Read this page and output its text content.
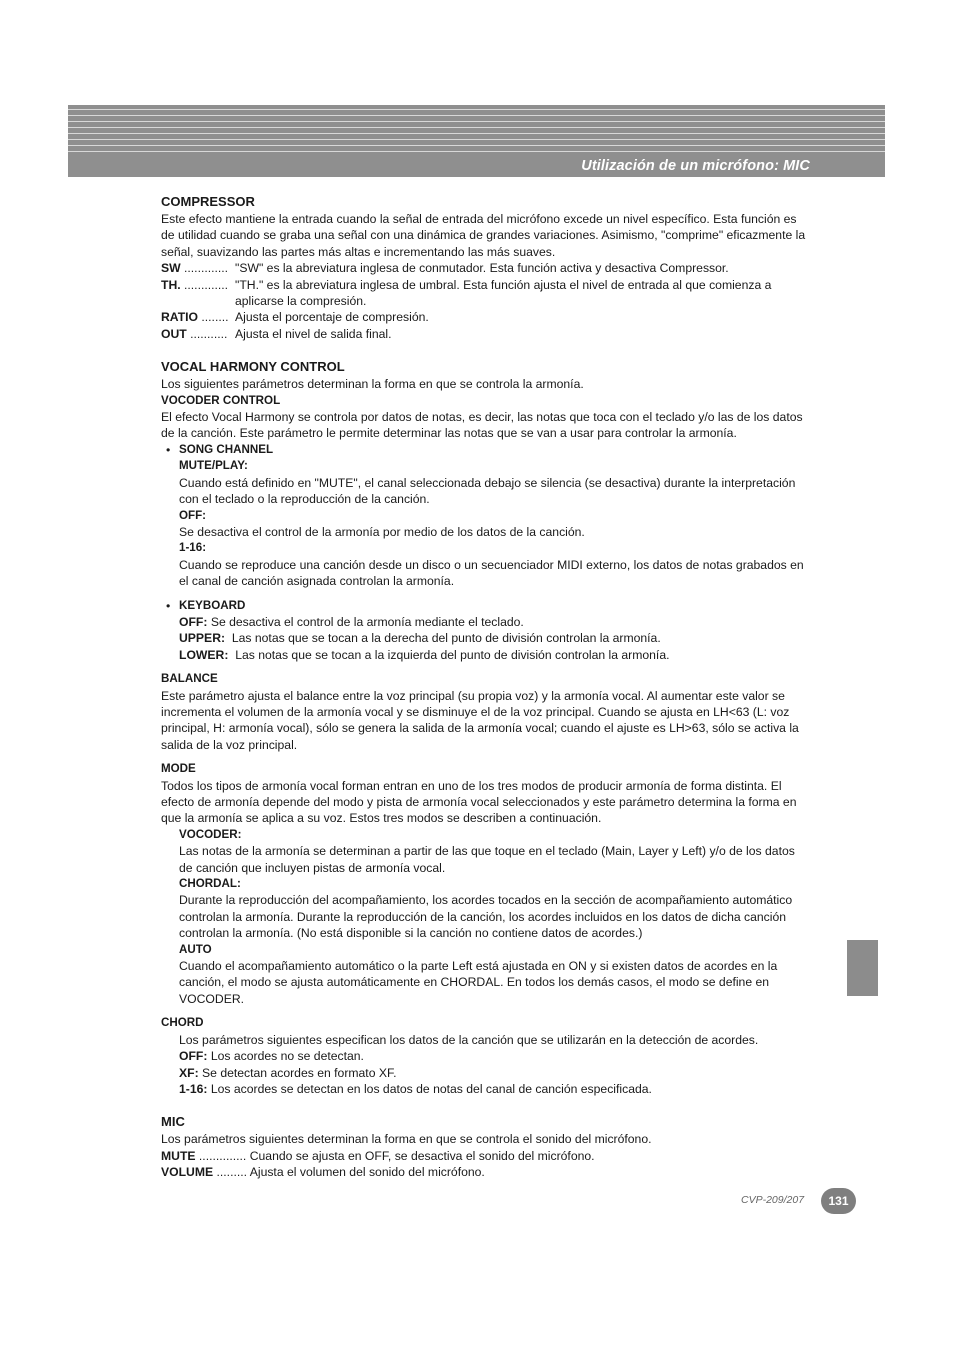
Utilización de un micrófono: MIC

COMPRESSOR

Este efecto mantiene la entrada cuando la señal de entrada del micrófono excede un nivel específico. Esta función es de utilidad cuando se graba una señal con una dinámica de grandes variaciones. Asimismo, "comprime" eficazmente la señal, suavizando las partes más altas e incrementando las más suaves.

SW ............. "SW" es la abreviatura inglesa de conmutador. Esta función activa y desactiva Compressor.
TH. ............. "TH." es la abreviatura inglesa de umbral. Esta función ajusta el nivel de entrada al que comienza a aplicarse la compresión.
RATIO ........ Ajusta el porcentaje de compresión.
OUT ........... Ajusta el nivel de salida final.

VOCAL HARMONY CONTROL

Los siguientes parámetros determinan la forma en que se controla la armonía.

VOCODER CONTROL

El efecto Vocal Harmony se controla por datos de notas, es decir, las notas que toca con el teclado y/o las de los datos de la canción. Este parámetro le permite determinar las notas que se van a usar para controlar la armonía.

• SONG CHANNEL

MUTE/PLAY:

Cuando está definido en "MUTE", el canal seleccionada debajo se silencia (se desactiva) durante la interpretación con el teclado o la reproducción de la canción.

OFF:

Se desactiva el control de la armonía por medio de los datos de la canción.

1-16:

Cuando se reproduce una canción desde un disco o un secuenciador MIDI externo, los datos de notas grabados en el canal de canción asignada controlan la armonía.

• KEYBOARD

OFF: Se desactiva el control de la armonía mediante el teclado.

UPPER:  Las notas que se tocan a la derecha del punto de división controlan la armonía.

LOWER:  Las notas que se tocan a la izquierda del punto de división controlan la armonía.

BALANCE

Este parámetro ajusta el balance entre la voz principal (su propia voz) y la armonía vocal. Al aumentar este valor se incrementa el volumen de la armonía vocal y se disminuye el de la voz principal. Cuando se ajusta en LH<63 (L: voz principal, H: armonía vocal), sólo se genera la salida de la armonía vocal; cuando el ajuste es LH>63, sólo se activa la salida de la voz principal.

MODE

Todos los tipos de armonía vocal forman entran en uno de los tres modos de producir armonía de forma distinta. El efecto de armonía depende del modo y pista de armonía vocal seleccionados y este parámetro determina la forma en que la armonía se aplica a su voz. Estos tres modos se describen a continuación.

VOCODER:

Las notas de la armonía se determinan a partir de las que toque en el teclado (Main, Layer y Left) y/o de los datos de canción que incluyen pistas de armonía vocal.

CHORDAL:

Durante la reproducción del acompañamiento, los acordes tocados en la sección de acompañamiento automático controlan la armonía. Durante la reproducción de la canción, los acordes incluidos en los datos de dicha canción controlan la armonía. (No está disponible si la canción no contiene datos de acordes.)

AUTO

Cuando el acompañamiento automático o la parte Left está ajustada en ON y si existen datos de acordes en la canción, el modo se ajusta automáticamente en CHORDAL. En todos los demás casos, el modo se define en VOCODER.

CHORD

Los parámetros siguientes especifican los datos de la canción que se utilizarán en la detección de acordes.

OFF: Los acordes no se detectan.

XF: Se detectan acordes en formato XF.

1-16: Los acordes se detectan en los datos de notas del canal de canción especificada.

MIC

Los parámetros siguientes determinan la forma en que se controla el sonido del micrófono.

MUTE .............. Cuando se ajusta en OFF, se desactiva el sonido del micrófono.

VOLUME ......... Ajusta el volumen del sonido del micrófono.

CVP-209/207	131
